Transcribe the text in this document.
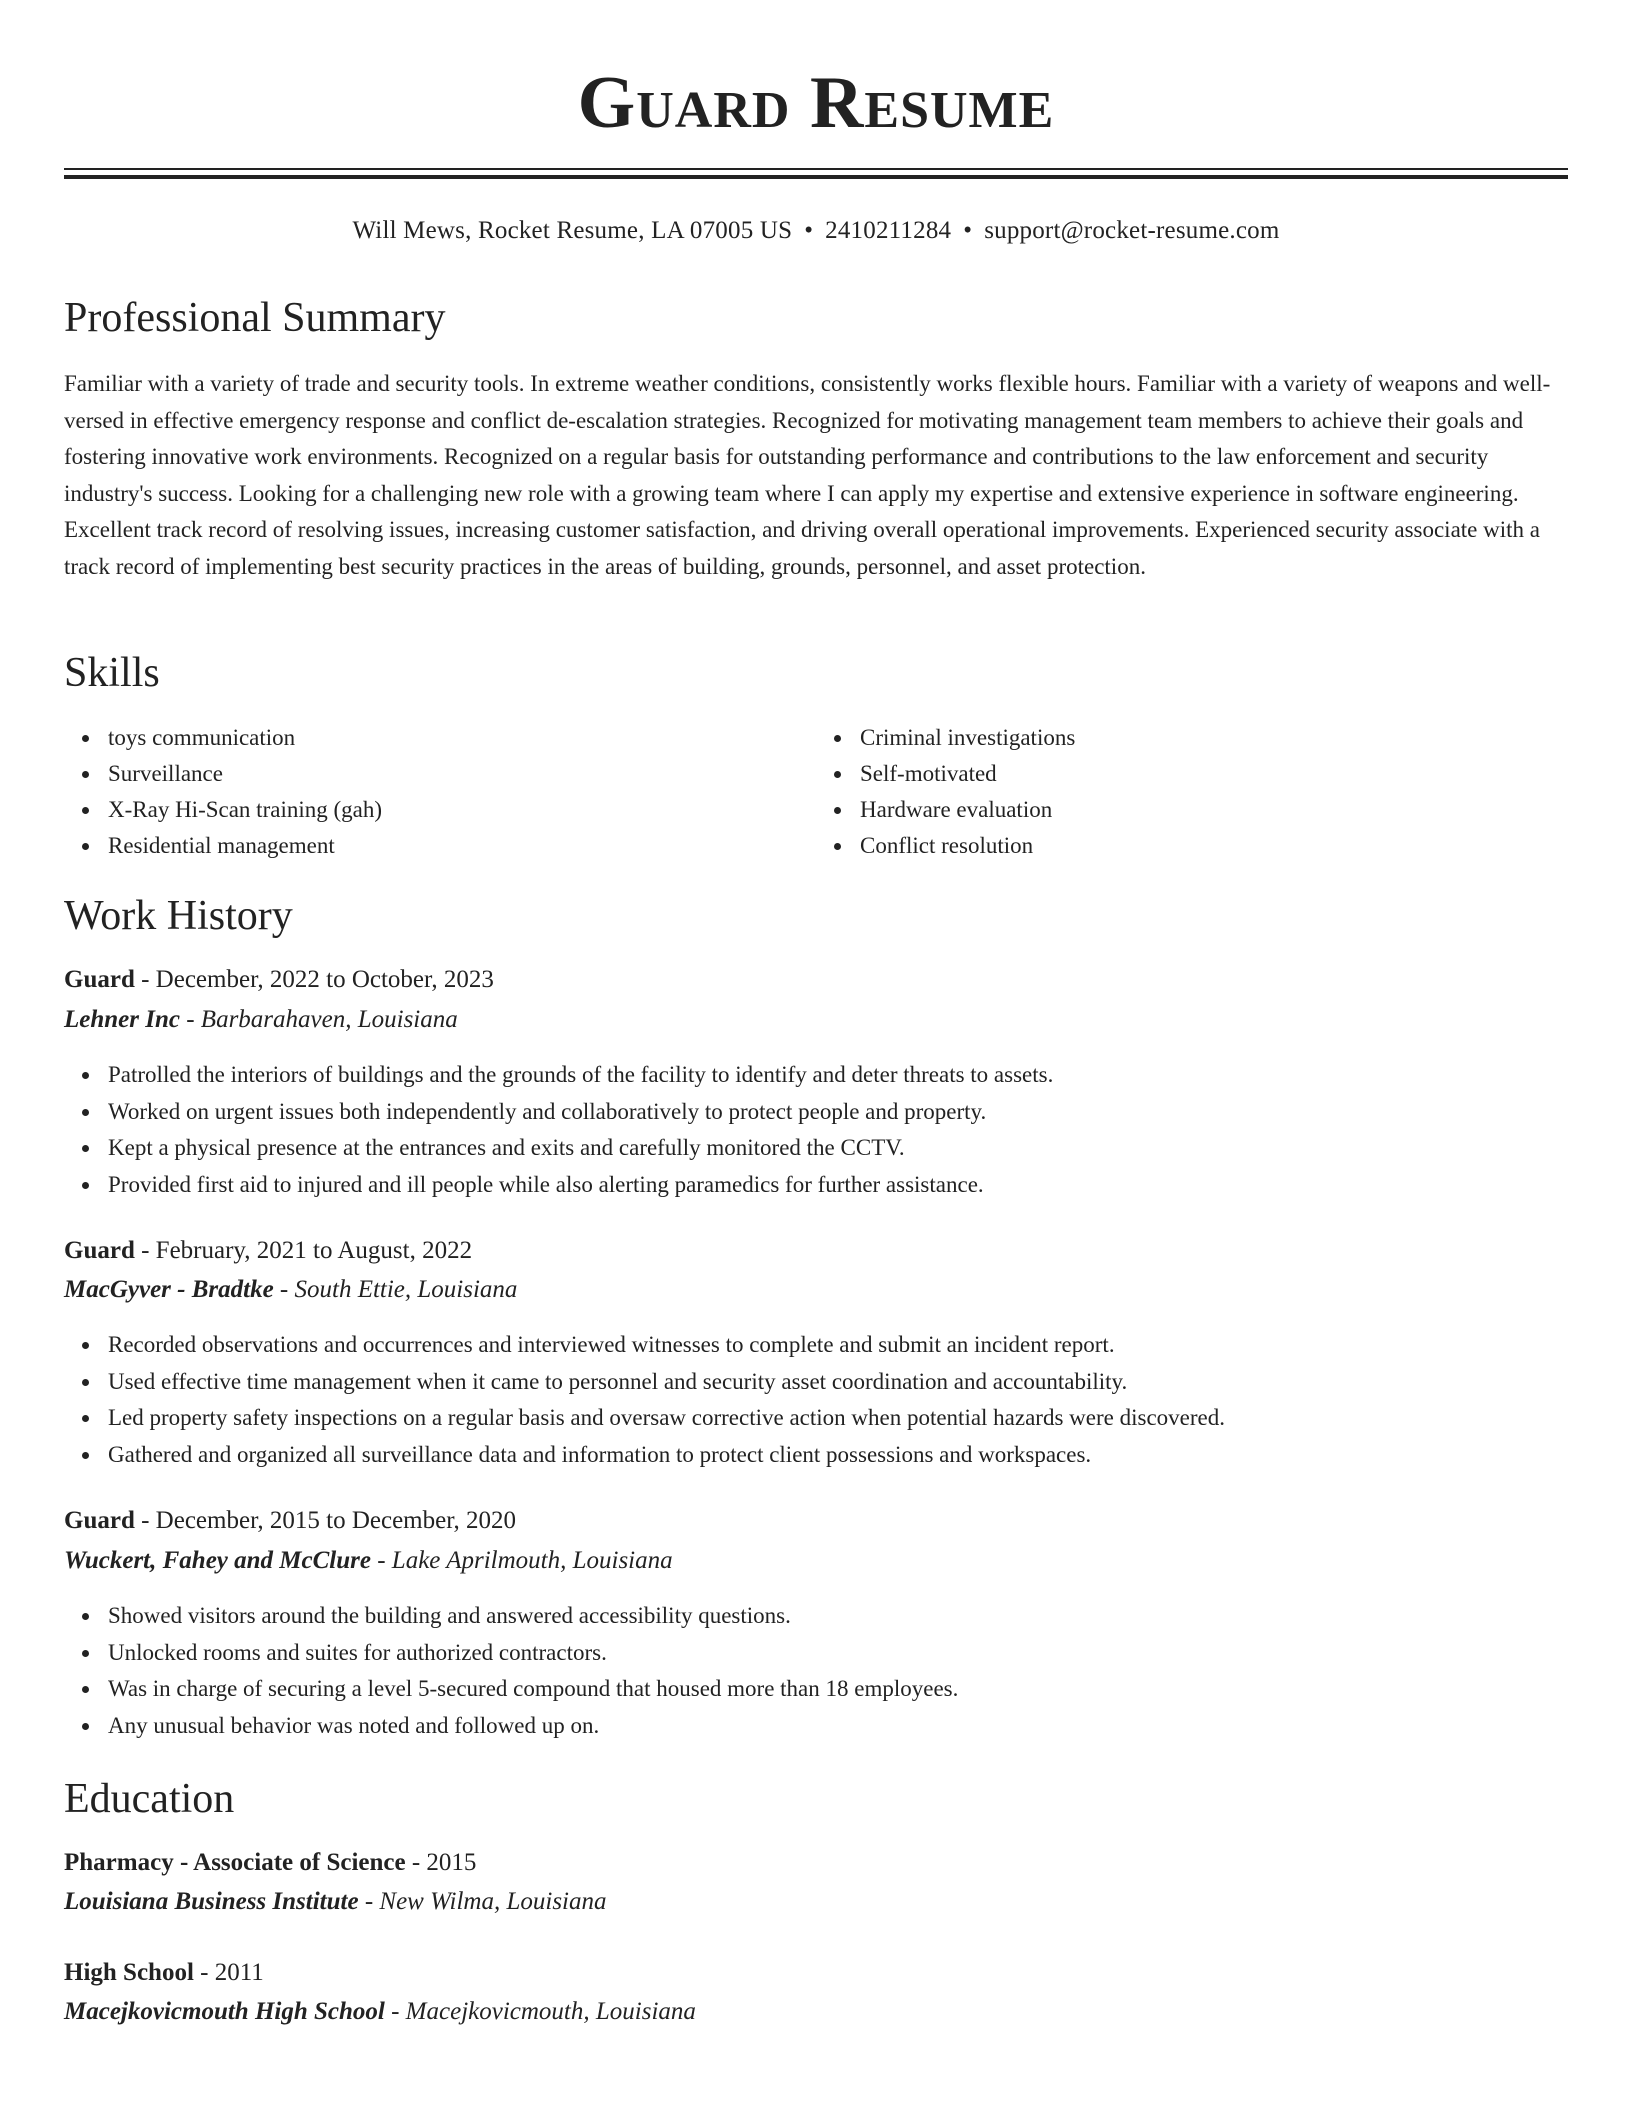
Guard Resume
Will Mews, Rocket Resume, LA 07005 US • 2410211284 • support@rocket-resume.com
Professional Summary

Familiar with a variety of trade and security tools. In extreme weather conditions, consistently works flexible hours. Familiar with a variety of weapons and well-versed in effective emergency response and conflict de-escalation strategies. Recognized for motivating management team members to achieve their goals and fostering innovative work environments. Recognized on a regular basis for outstanding performance and contributions to the law enforcement and security industry's success. Looking for a challenging new role with a growing team where I can apply my expertise and extensive experience in software engineering. Excellent track record of resolving issues, increasing customer satisfaction, and driving overall operational improvements. Experienced security associate with a track record of implementing best security practices in the areas of building, grounds, personnel, and asset protection.

Skills
toys communication
Surveillance
X-Ray Hi-Scan training (gah)
Residential management
Criminal investigations
Self-motivated
Hardware evaluation
Conflict resolution
Work History
Guard - December, 2022 to October, 2023
Lehner Inc - Barbarahaven, Louisiana
Patrolled the interiors of buildings and the grounds of the facility to identify and deter threats to assets.
Worked on urgent issues both independently and collaboratively to protect people and property.
Kept a physical presence at the entrances and exits and carefully monitored the CCTV.
Provided first aid to injured and ill people while also alerting paramedics for further assistance.
Guard - February, 2021 to August, 2022
MacGyver - Bradtke - South Ettie, Louisiana
Recorded observations and occurrences and interviewed witnesses to complete and submit an incident report.
Used effective time management when it came to personnel and security asset coordination and accountability.
Led property safety inspections on a regular basis and oversaw corrective action when potential hazards were discovered.
Gathered and organized all surveillance data and information to protect client possessions and workspaces.
Guard - December, 2015 to December, 2020
Wuckert, Fahey and McClure - Lake Aprilmouth, Louisiana
Showed visitors around the building and answered accessibility questions.
Unlocked rooms and suites for authorized contractors.
Was in charge of securing a level 5-secured compound that housed more than 18 employees.
Any unusual behavior was noted and followed up on.
Education
Pharmacy - Associate of Science - 2015
Louisiana Business Institute - New Wilma, Louisiana
High School - 2011
Macejkovicmouth High School - Macejkovicmouth, Louisiana
